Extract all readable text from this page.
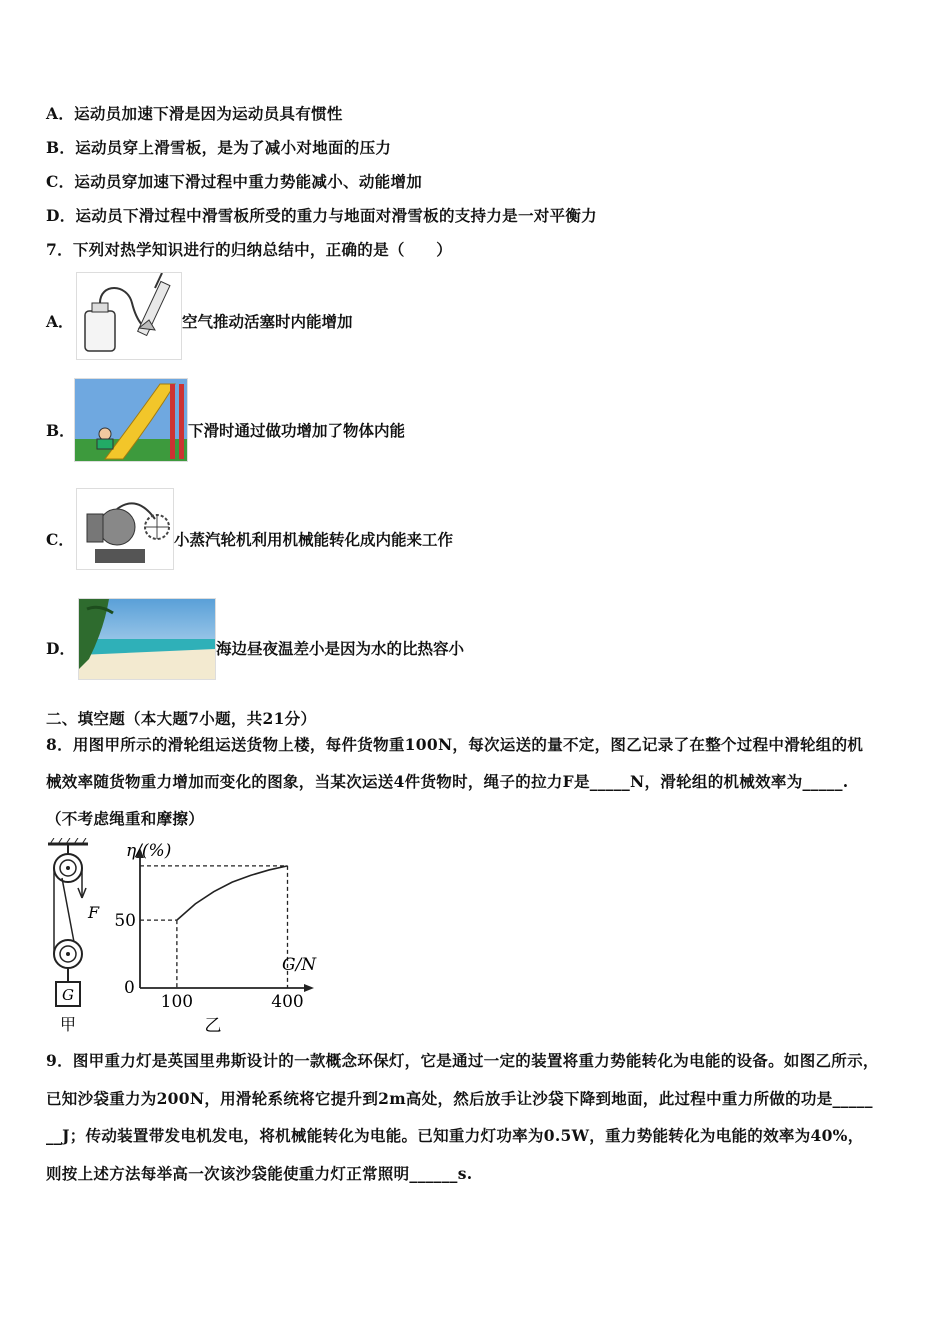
A．运动员加速下滑是因为运动员具有惯性
B．运动员穿上滑雪板，是为了减小对地面的压力
C．运动员穿加速下滑过程中重力势能减小、动能增加
D．运动员下滑过程中滑雪板所受的重力与地面对滑雪板的支持力是一对平衡力
7．下列对热学知识进行的归纳总结中，正确的是（　　）
A．	空气推动活塞时内能增加
B．	下滑时通过做功增加了物体内能
C．	小蒸汽轮机利用机械能转化成内能来工作
D．	海边昼夜温差小是因为水的比热容小
二、填空题（本大题7小题，共21分）
8．用图甲所示的滑轮组运送货物上楼，每件货物重100N，每次运送的量不定，图乙记录了在整个过程中滑轮组的机
械效率随货物重力增加而变化的图象，当某次运送4件货物时，绳子的拉力F是_____N，滑轮组的机械效率为_____.
（不考虑绳重和摩擦）
G
F
甲
100	400
50
η/(%)
G/N
0
乙
9．图甲重力灯是英国里弗斯设计的一款概念环保灯，它是通过一定的装置将重力势能转化为电能的设备。如图乙所示，
已知沙袋重力为200N，用滑轮系统将它提升到2m高处，然后放手让沙袋下降到地面，此过程中重力所做的功是_____
__J；传动装置带发电机发电，将机械能转化为电能。已知重力灯功率为0.5W，重力势能转化为电能的效率为40%，
则按上述方法每举高一次该沙袋能使重力灯正常照明______s.
